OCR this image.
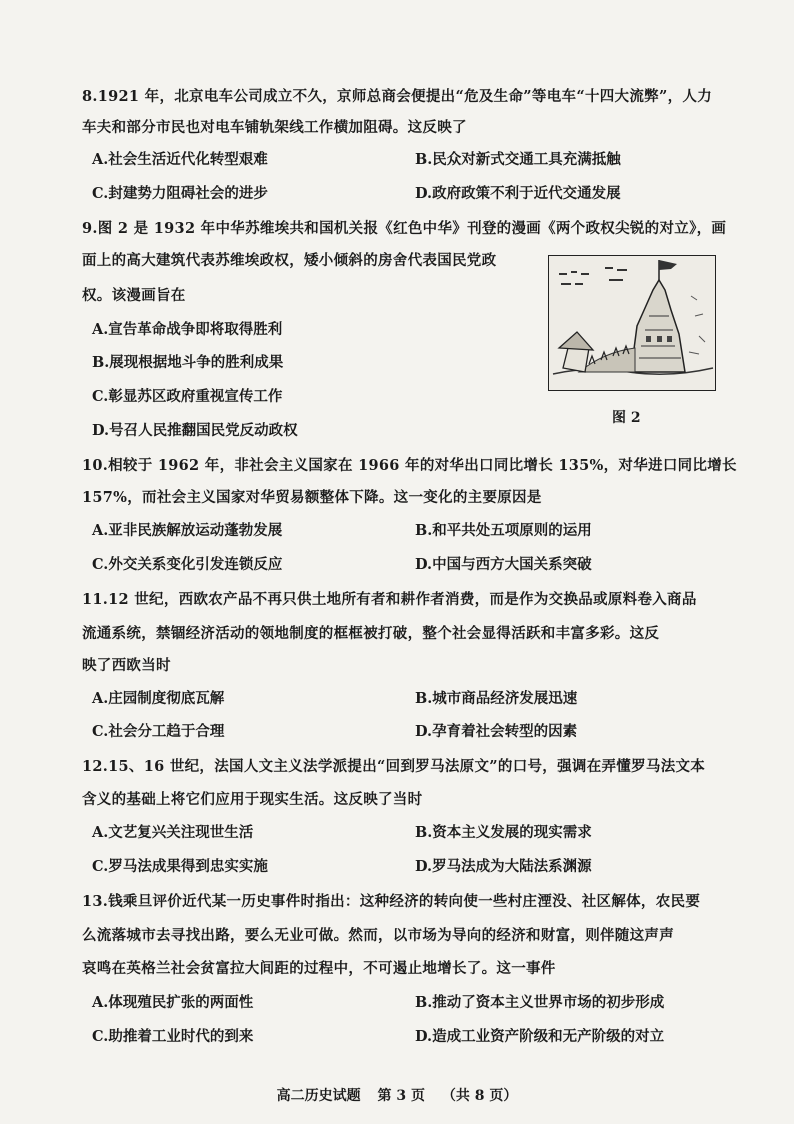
8.1921 年，北京电车公司成立不久，京师总商会便提出“危及生命”等电车“十四大流弊”，人力
车夫和部分市民也对电车铺轨架线工作横加阻碍。这反映了
A.社会生活近代化转型艰难	B.民众对新式交通工具充满抵触
C.封建势力阻碍社会的进步	D.政府政策不利于近代交通发展
9.图 2 是 1932 年中华苏维埃共和国机关报《红色中华》刊登的漫画《两个政权尖锐的对立》，画
面上的高大建筑代表苏维埃政权，矮小倾斜的房舍代表国民党政
权。该漫画旨在
A.宣告革命战争即将取得胜利
B.展现根据地斗争的胜利成果
C.彰显苏区政府重视宣传工作
D.号召人民推翻国民党反动政权
图 2
10.相较于 1962 年，非社会主义国家在 1966 年的对华出口同比增长 135%，对华进口同比增长
157%，而社会主义国家对华贸易额整体下降。这一变化的主要原因是
A.亚非民族解放运动蓬勃发展	B.和平共处五项原则的运用
C.外交关系变化引发连锁反应	D.中国与西方大国关系突破
11.12 世纪，西欧农产品不再只供土地所有者和耕作者消费，而是作为交换品或原料卷入商品
流通系统，禁锢经济活动的领地制度的框框被打破，整个社会显得活跃和丰富多彩。这反
映了西欧当时
A.庄园制度彻底瓦解	B.城市商品经济发展迅速
C.社会分工趋于合理	D.孕育着社会转型的因素
12.15、16 世纪，法国人文主义法学派提出“回到罗马法原文”的口号，强调在弄懂罗马法文本
含义的基础上将它们应用于现实生活。这反映了当时
A.文艺复兴关注现世生活	B.资本主义发展的现实需求
C.罗马法成果得到忠实实施	D.罗马法成为大陆法系渊源
13.钱乘旦评价近代某一历史事件时指出：这种经济的转向使一些村庄湮没、社区解体，农民要
么流落城市去寻找出路，要么无业可做。然而，以市场为导向的经济和财富，则伴随这声声
哀鸣在英格兰社会贫富拉大间距的过程中，不可遏止地增长了。这一事件
A.体现殖民扩张的两面性	B.推动了资本主义世界市场的初步形成
C.助推着工业时代的到来	D.造成工业资产阶级和无产阶级的对立
高二历史试题 第 3 页 （共 8 页）
